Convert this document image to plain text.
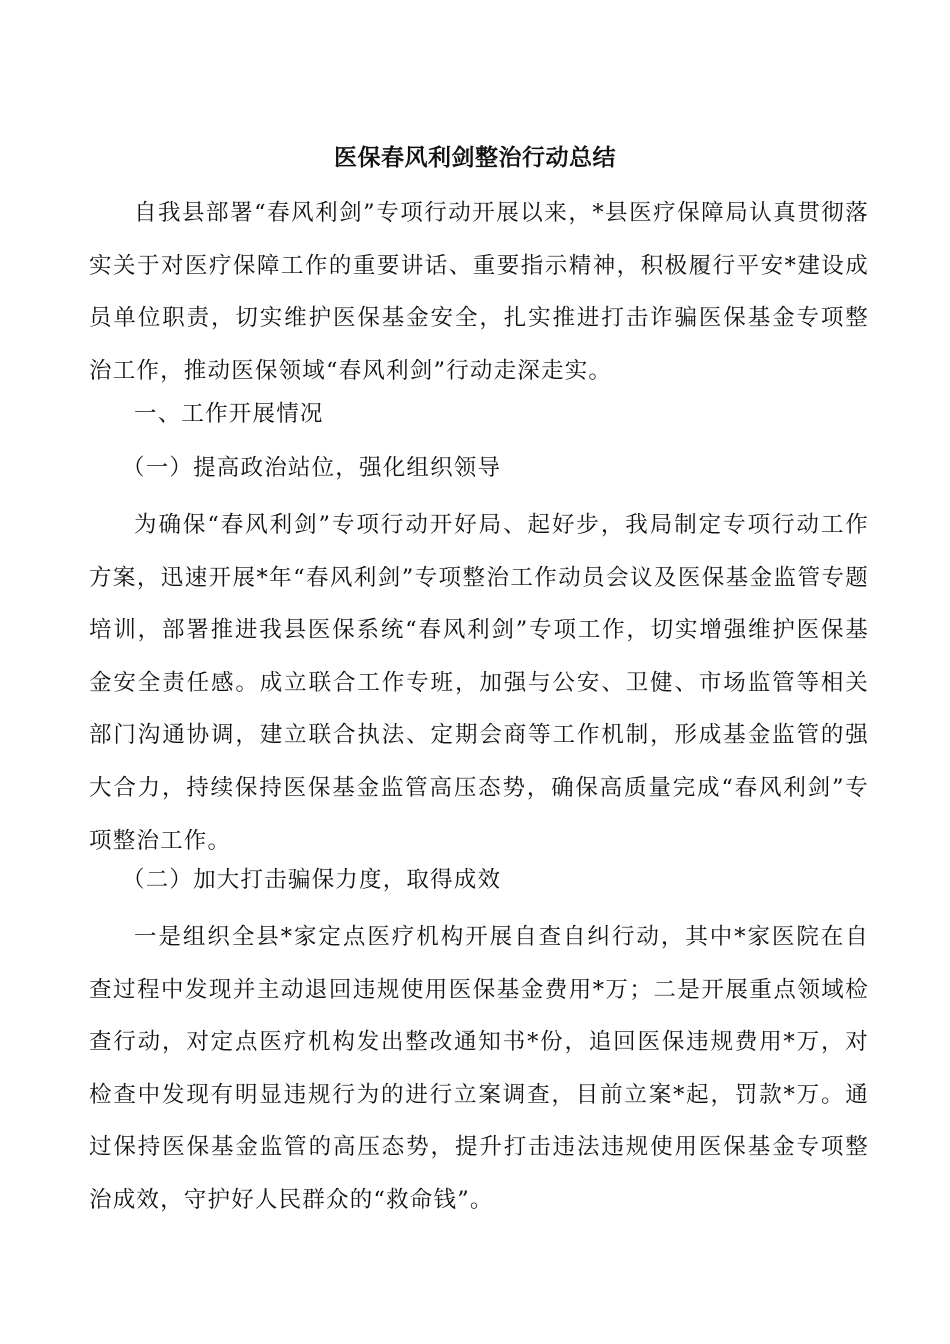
医保春风利剑整治行动总结

自我县部署“春风利剑”专项行动开展以来，*县医疗保障局认真贯彻落实关于对医疗保障工作的重要讲话、重要指示精神，积极履行平安*建设成员单位职责，切实维护医保基金安全，扎实推进打击诈骗医保基金专项整治工作，推动医保领域“春风利剑”行动走深走实。

一、工作开展情况

（一）提高政治站位，强化组织领导

为确保“春风利剑”专项行动开好局、起好步，我局制定专项行动工作方案，迅速开展*年“春风利剑”专项整治工作动员会议及医保基金监管专题培训，部署推进我县医保系统“春风利剑”专项工作，切实增强维护医保基金安全责任感。成立联合工作专班，加强与公安、卫健、市场监管等相关部门沟通协调，建立联合执法、定期会商等工作机制，形成基金监管的强大合力，持续保持医保基金监管高压态势，确保高质量完成“春风利剑”专项整治工作。

（二）加大打击骗保力度，取得成效

一是组织全县*家定点医疗机构开展自查自纠行动，其中*家医院在自查过程中发现并主动退回违规使用医保基金费用*万；二是开展重点领域检查行动，对定点医疗机构发出整改通知书*份，追回医保违规费用*万，对检查中发现有明显违规行为的进行立案调查，目前立案*起，罚款*万。通过保持医保基金监管的高压态势，提升打击违法违规使用医保基金专项整治成效，守护好人民群众的“救命钱”。
